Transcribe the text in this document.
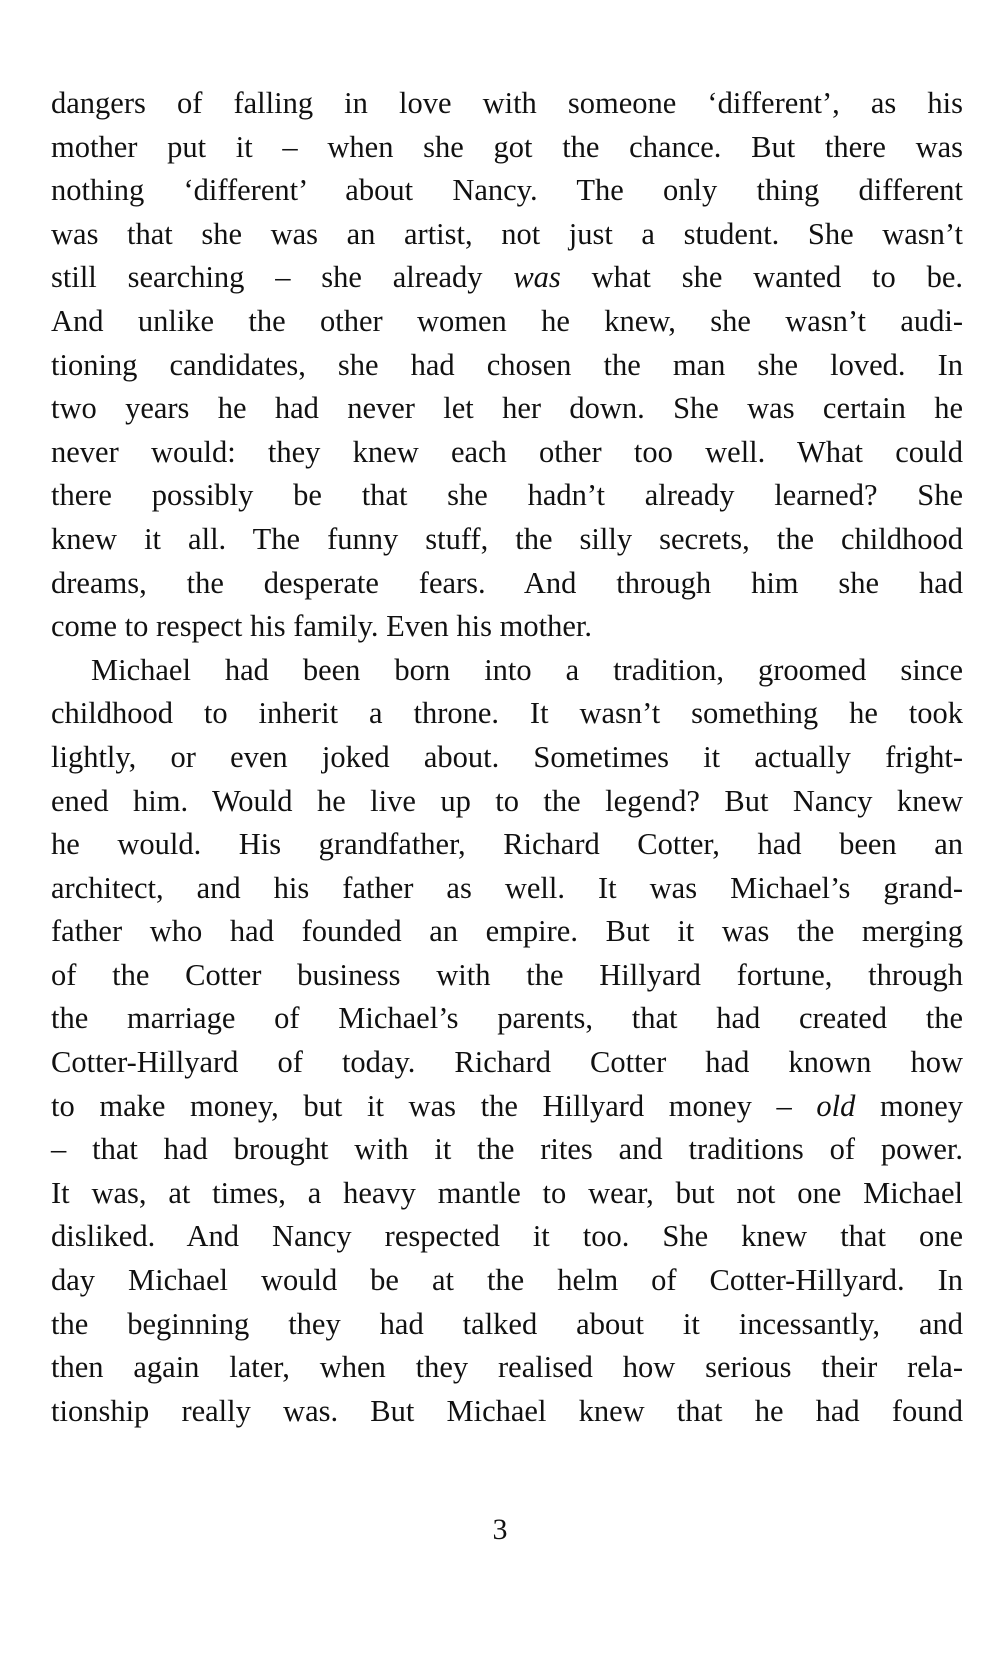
dangers of falling in love with someone ‘different’, as his
mother put it – when she got the chance. But there was
nothing ‘different’ about Nancy. The only thing different
was that she was an artist, not just a student. She wasn’t
still searching – she already was what she wanted to be.
And unlike the other women he knew, she wasn’t audi-
tioning candidates, she had chosen the man she loved. In
two years he had never let her down. She was certain he
never would: they knew each other too well. What could
there possibly be that she hadn’t already learned? She
knew it all. The funny stuff, the silly secrets, the childhood
dreams, the desperate fears. And through him she had
come to respect his family. Even his mother.
Michael had been born into a tradition, groomed since
childhood to inherit a throne. It wasn’t something he took
lightly, or even joked about. Sometimes it actually fright-
ened him. Would he live up to the legend? But Nancy knew
he would. His grandfather, Richard Cotter, had been an
architect, and his father as well. It was Michael’s grand-
father who had founded an empire. But it was the merging
of the Cotter business with the Hillyard fortune, through
the marriage of Michael’s parents, that had created the
Cotter-Hillyard of today. Richard Cotter had known how
to make money, but it was the Hillyard money – old money
– that had brought with it the rites and traditions of power.
It was, at times, a heavy mantle to wear, but not one Michael
disliked. And Nancy respected it too. She knew that one
day Michael would be at the helm of Cotter-Hillyard. In
the beginning they had talked about it incessantly, and
then again later, when they realised how serious their rela-
tionship really was. But Michael knew that he had found
3
